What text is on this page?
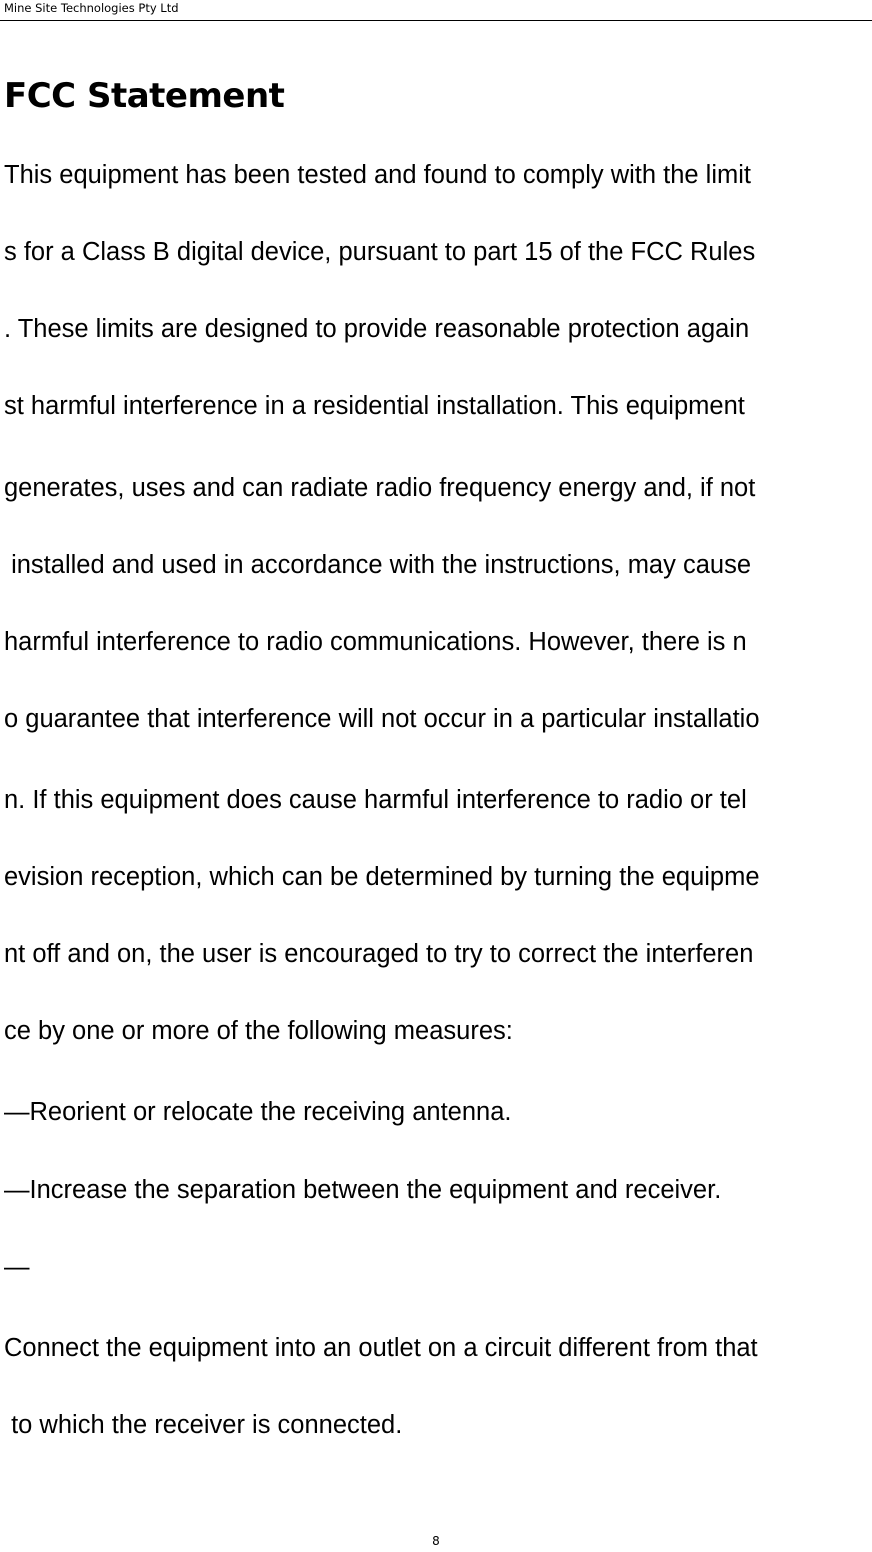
Mine Site Technologies Pty Ltd
FCC Statement
This equipment has been tested and found to comply with the limit
s for a Class B digital device, pursuant to part 15 of the FCC Rules
. These limits are designed to provide reasonable protection again
st harmful interference in a residential installation. This equipment
generates, uses and can radiate radio frequency energy and, if not
installed and used in accordance with the instructions, may cause
harmful interference to radio communications. However, there is n
o guarantee that interference will not occur in a particular installatio
n. If this equipment does cause harmful interference to radio or tel
evision reception, which can be determined by turning the equipme
nt off and on, the user is encouraged to try to correct the interferen
ce by one or more of the following measures:
—Reorient or relocate the receiving antenna.
—Increase the separation between the equipment and receiver.
—
Connect the equipment into an outlet on a circuit different from that
to which the receiver is connected.
8
